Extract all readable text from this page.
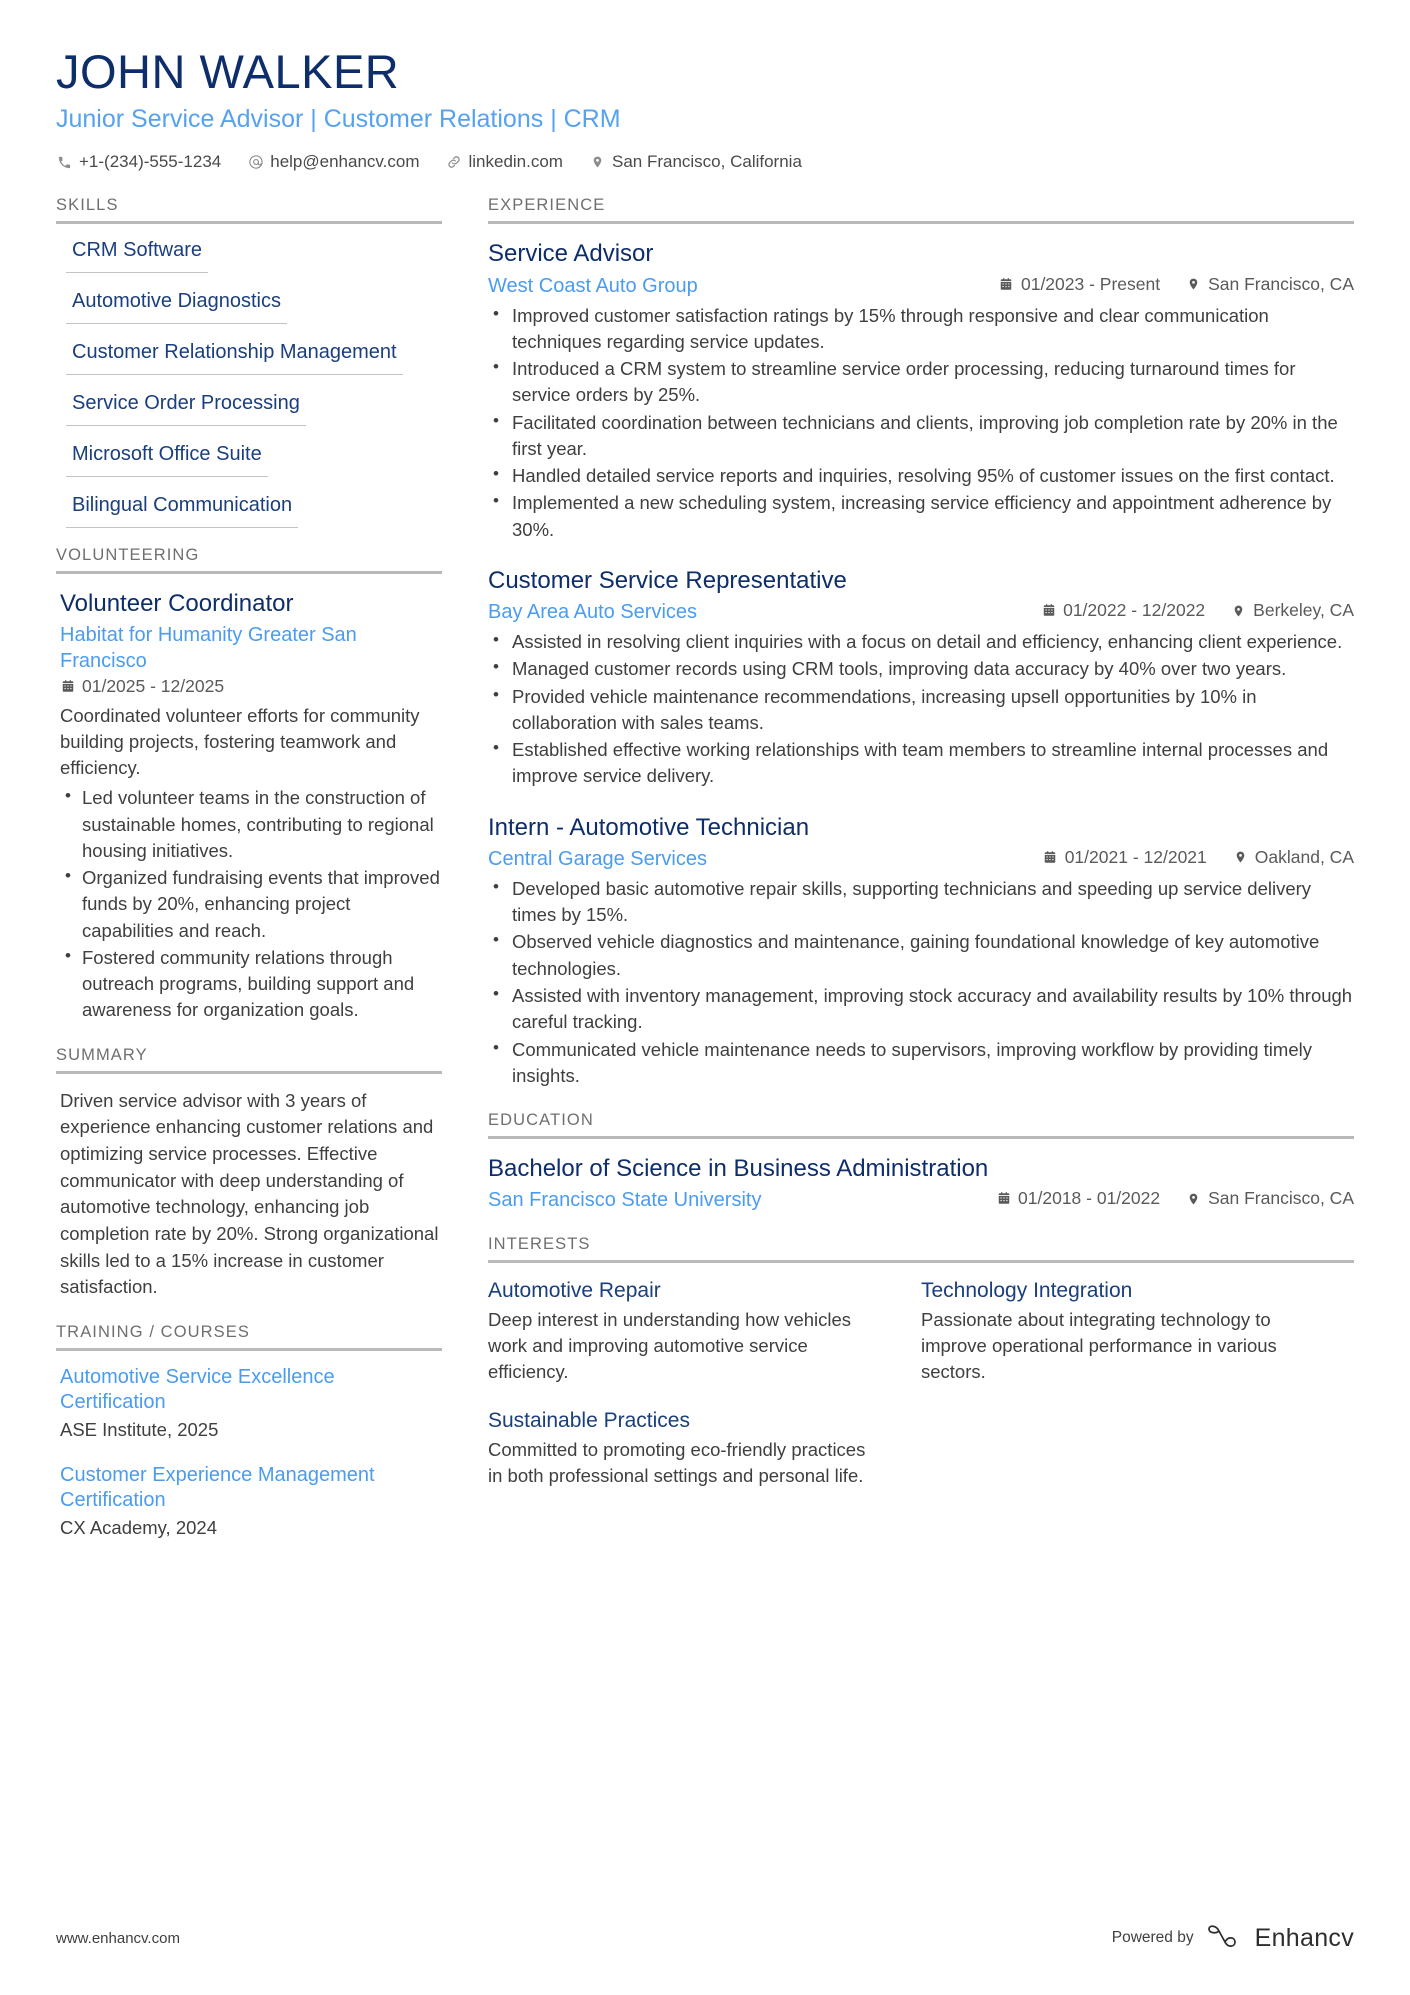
JOHN WALKER
Junior Service Advisor | Customer Relations | CRM
+1-(234)-555-1234	help@enhancv.com	linkedin.com	San Francisco, California
SKILLS
CRM Software
Automotive Diagnostics
Customer Relationship Management
Service Order Processing
Microsoft Office Suite
Bilingual Communication
VOLUNTEERING
Volunteer Coordinator
Habitat for Humanity Greater San Francisco
01/2025 - 12/2025
Coordinated volunteer efforts for community building projects, fostering teamwork and efficiency.
• Led volunteer teams in the construction of sustainable homes, contributing to regional housing initiatives.
• Organized fundraising events that improved funds by 20%, enhancing project capabilities and reach.
• Fostered community relations through outreach programs, building support and awareness for organization goals.
SUMMARY
Driven service advisor with 3 years of experience enhancing customer relations and optimizing service processes. Effective communicator with deep understanding of automotive technology, enhancing job completion rate by 20%. Strong organizational skills led to a 15% increase in customer satisfaction.
TRAINING / COURSES
Automotive Service Excellence Certification
ASE Institute, 2025
Customer Experience Management Certification
CX Academy, 2024
EXPERIENCE
Service Advisor
West Coast Auto Group	01/2023 - Present	San Francisco, CA
• Improved customer satisfaction ratings by 15% through responsive and clear communication techniques regarding service updates.
• Introduced a CRM system to streamline service order processing, reducing turnaround times for service orders by 25%.
• Facilitated coordination between technicians and clients, improving job completion rate by 20% in the first year.
• Handled detailed service reports and inquiries, resolving 95% of customer issues on the first contact.
• Implemented a new scheduling system, increasing service efficiency and appointment adherence by 30%.
Customer Service Representative
Bay Area Auto Services	01/2022 - 12/2022	Berkeley, CA
• Assisted in resolving client inquiries with a focus on detail and efficiency, enhancing client experience.
• Managed customer records using CRM tools, improving data accuracy by 40% over two years.
• Provided vehicle maintenance recommendations, increasing upsell opportunities by 10% in collaboration with sales teams.
• Established effective working relationships with team members to streamline internal processes and improve service delivery.
Intern - Automotive Technician
Central Garage Services	01/2021 - 12/2021	Oakland, CA
• Developed basic automotive repair skills, supporting technicians and speeding up service delivery times by 15%.
• Observed vehicle diagnostics and maintenance, gaining foundational knowledge of key automotive technologies.
• Assisted with inventory management, improving stock accuracy and availability results by 10% through careful tracking.
• Communicated vehicle maintenance needs to supervisors, improving workflow by providing timely insights.
EDUCATION
Bachelor of Science in Business Administration
San Francisco State University	01/2018 - 01/2022	San Francisco, CA
INTERESTS
Automotive Repair
Deep interest in understanding how vehicles work and improving automotive service efficiency.
Technology Integration
Passionate about integrating technology to improve operational performance in various sectors.
Sustainable Practices
Committed to promoting eco-friendly practices in both professional settings and personal life.
www.enhancv.com	Powered by Enhancv
